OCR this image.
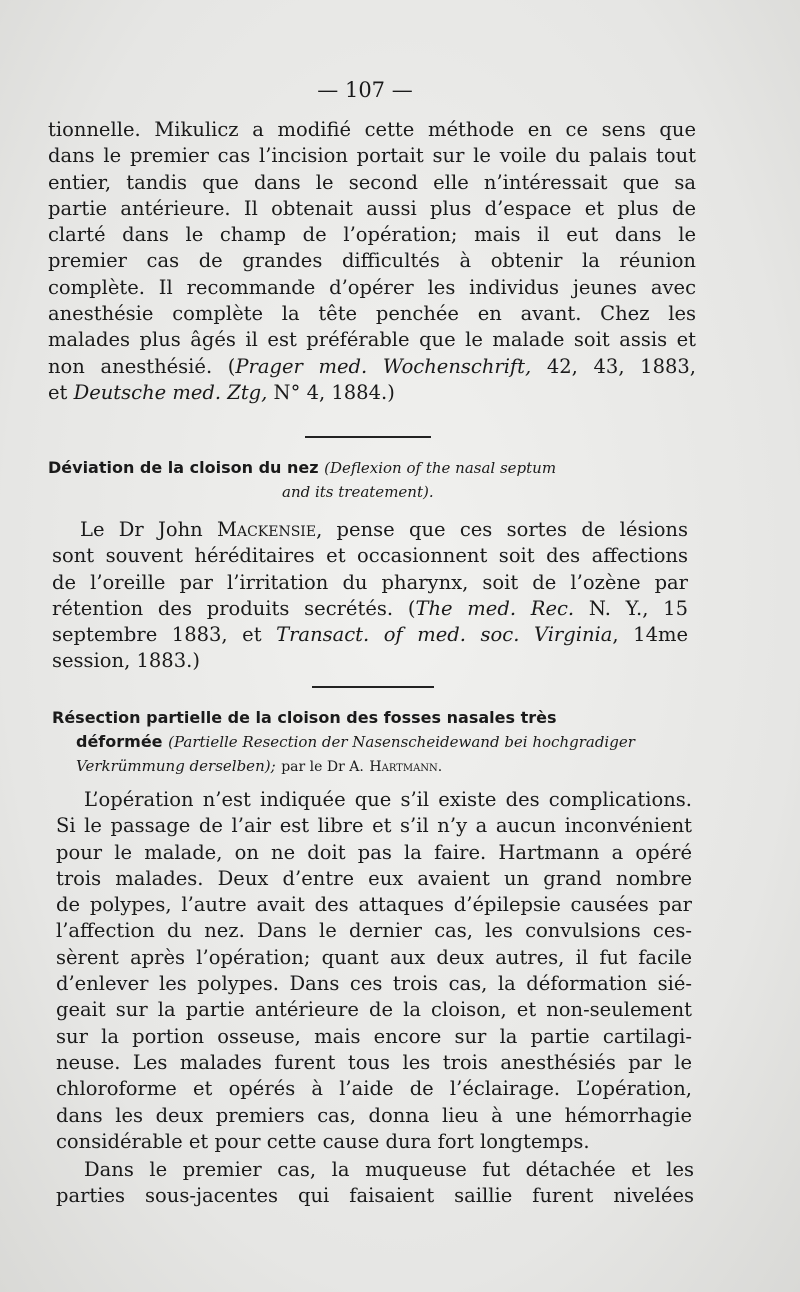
— 107 —
tionnelle. Mikulicz a modifié cette méthode en ce sens que
dans le premier cas l’incision portait sur le voile du palais tout
entier, tandis que dans le second elle n’intéressait que sa
partie antérieure. Il obtenait aussi plus d’espace et plus de
clarté dans le champ de l’opération; mais il eut dans le
premier cas de grandes difficultés à obtenir la réunion
complète. Il recommande d’opérer les individus jeunes avec
anesthésie complète la tête penchée en avant. Chez les
malades plus âgés il est préférable que le malade soit assis et
non anesthésié. (Prager med. Wochenschrift, 42, 43, 1883,
et Deutsche med. Ztg, N° 4, 1884.)
Déviation de la cloison du nez (Deflexion of the nasal septum
and its treatement).
Le Dr John Mackensie, pense que ces sortes de lésions
sont souvent héréditaires et occasionnent soit des affections
de l’oreille par l’irritation du pharynx, soit de l’ozène par
rétention des produits secrétés. (The med. Rec. N. Y., 15
septembre 1883, et Transact. of med. soc. Virginia, 14me
session, 1883.)
Résection partielle de la cloison des fosses nasales très
déformée (Partielle Resection der Nasenscheidewand bei hochgradiger
Verkrümmung derselben); par le Dr A. Hartmann.
L’opération n’est indiquée que s’il existe des complications.
Si le passage de l’air est libre et s’il n’y a aucun inconvénient
pour le malade, on ne doit pas la faire. Hartmann a opéré
trois malades. Deux d’entre eux avaient un grand nombre
de polypes, l’autre avait des attaques d’épilepsie causées par
l’affection du nez. Dans le dernier cas, les convulsions ces-
sèrent après l’opération; quant aux deux autres, il fut facile
d’enlever les polypes. Dans ces trois cas, la déformation sié-
geait sur la partie antérieure de la cloison, et non-seulement
sur la portion osseuse, mais encore sur la partie cartilagi-
neuse. Les malades furent tous les trois anesthésiés par le
chloroforme et opérés à l’aide de l’éclairage. L’opération,
dans les deux premiers cas, donna lieu à une hémorrhagie
considérable et pour cette cause dura fort longtemps.
Dans le premier cas, la muqueuse fut détachée et les
parties sous-jacentes qui faisaient saillie furent nivelées
